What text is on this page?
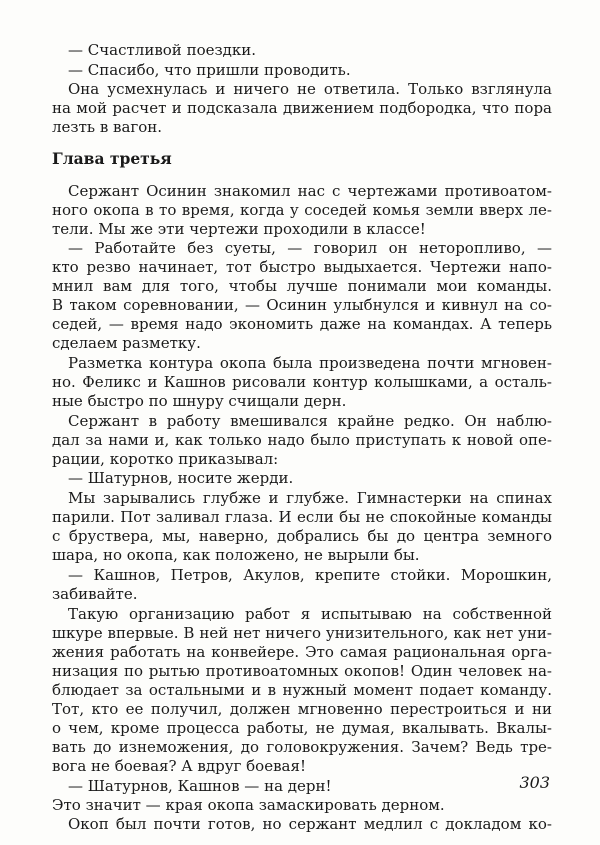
— Счастливой поездки.
— Спасибо, что пришли проводить.
Она усмехнулась и ничего не ответила. Только взглянула
на мой расчет и подсказала движением подбородка, что пора
лезть в вагон.
Глава третья
Сержант Осинин знакомил нас с чертежами противоатом-
ного окопа в то время, когда у соседей комья земли вверх ле-
тели. Мы же эти чертежи проходили в классе!
— Работайте без суеты, — говорил он неторопливо, —
кто резво начинает, тот быстро выдыхается. Чертежи напо-
мнил вам для того, чтобы лучше понимали мои команды.
В таком соревновании, — Осинин улыбнулся и кивнул на со-
седей, — время надо экономить даже на командах. А теперь
сделаем разметку.
Разметка контура окопа была произведена почти мгновен-
но. Феликс и Кашнов рисовали контур колышками, а осталь-
ные быстро по шнуру счищали дерн.
Сержант в работу вмешивался крайне редко. Он наблю-
дал за нами и, как только надо было приступать к новой опе-
рации, коротко приказывал:
— Шатурнов, носите жерди.
Мы зарывались глубже и глубже. Гимнастерки на спинах
парили. Пот заливал глаза. И если бы не спокойные команды
с бруствера, мы, наверно, добрались бы до центра земного
шара, но окопа, как положено, не вырыли бы.
— Кашнов, Петров, Акулов, крепите стойки. Морошкин,
забивайте.
Такую организацию работ я испытываю на собственной
шкуре впервые. В ней нет ничего унизительного, как нет уни-
жения работать на конвейере. Это самая рациональная орга-
низация по рытью противоатомных окопов! Один человек на-
блюдает за остальными и в нужный момент подает команду.
Тот, кто ее получил, должен мгновенно перестроиться и ни
о чем, кроме процесса работы, не думая, вкалывать. Вкалы-
вать до изнеможения, до головокружения. Зачем? Ведь тре-
вога не боевая? А вдруг боевая!
— Шатурнов, Кашнов — на дерн!
Это значит — края окопа замаскировать дерном.
Окоп был почти готов, но сержант медлил с докладом ко-
303
